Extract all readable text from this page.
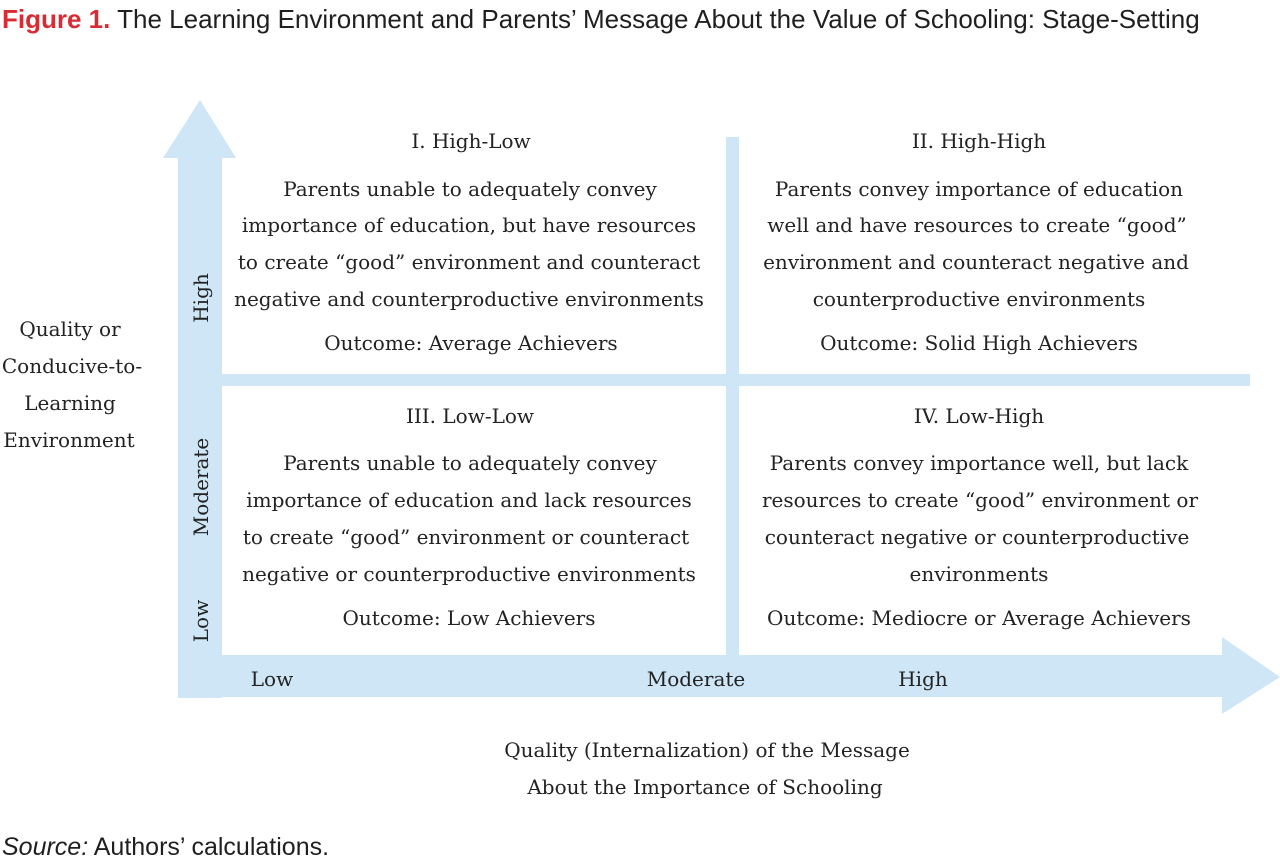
Figure 1. The Learning Environment and Parents’ Message About the Value of Schooling: Stage-Setting
High
Moderate
Low
Low	Moderate	High
Quality or
Conducive-to-
Learning
Environment
Quality (Internalization) of the Message
About the Importance of Schooling
I. High-Low
Parents unable to adequately convey
importance of education, but have resources
to create “good” environment and counteract
negative and counterproductive environments
Outcome: Average Achievers
II. High-High
Parents convey importance of education
well and have resources to create “good”
environment and counteract negative and
counterproductive environments
Outcome: Solid High Achievers
III. Low-Low
Parents unable to adequately convey
importance of education and lack resources
to create “good” environment or counteract
negative or counterproductive environments
Outcome: Low Achievers
IV. Low-High
Parents convey importance well, but lack
resources to create “good” environment or
counteract negative or counterproductive
environments
Outcome: Mediocre or Average Achievers
Source: Authors’ calculations.
